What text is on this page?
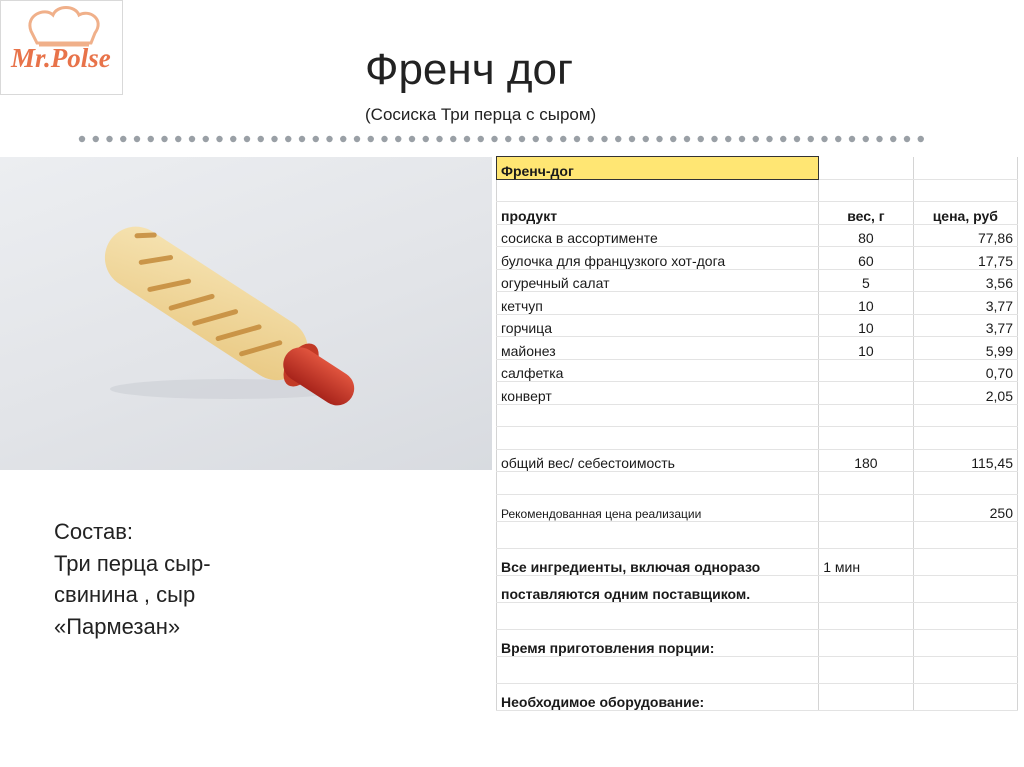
Mr.Polse	Френч дог
(Сосиска Три перца с сыром)
Состав:
Три перца сыр-
свинина , сыр
«Пармезан»
Френч-дог		

продукт	вес, г	цена, руб
сосиска в ассортименте	80	77,86
булочка для французкого хот-дога	60	17,75
огуречный салат	5	3,56
кетчуп	10	3,77
горчица	10	3,77
майонез	10	5,99
салфетка		0,70
конверт		2,05

общий вес/ себестоимость	180	115,45

Рекомендованная цена реализации		250

Все ингредиенты, включая одноразо	1 мин	
поставляются одним поставщиком.		

Время приготовления порции:		

Необходимое оборудование:		
